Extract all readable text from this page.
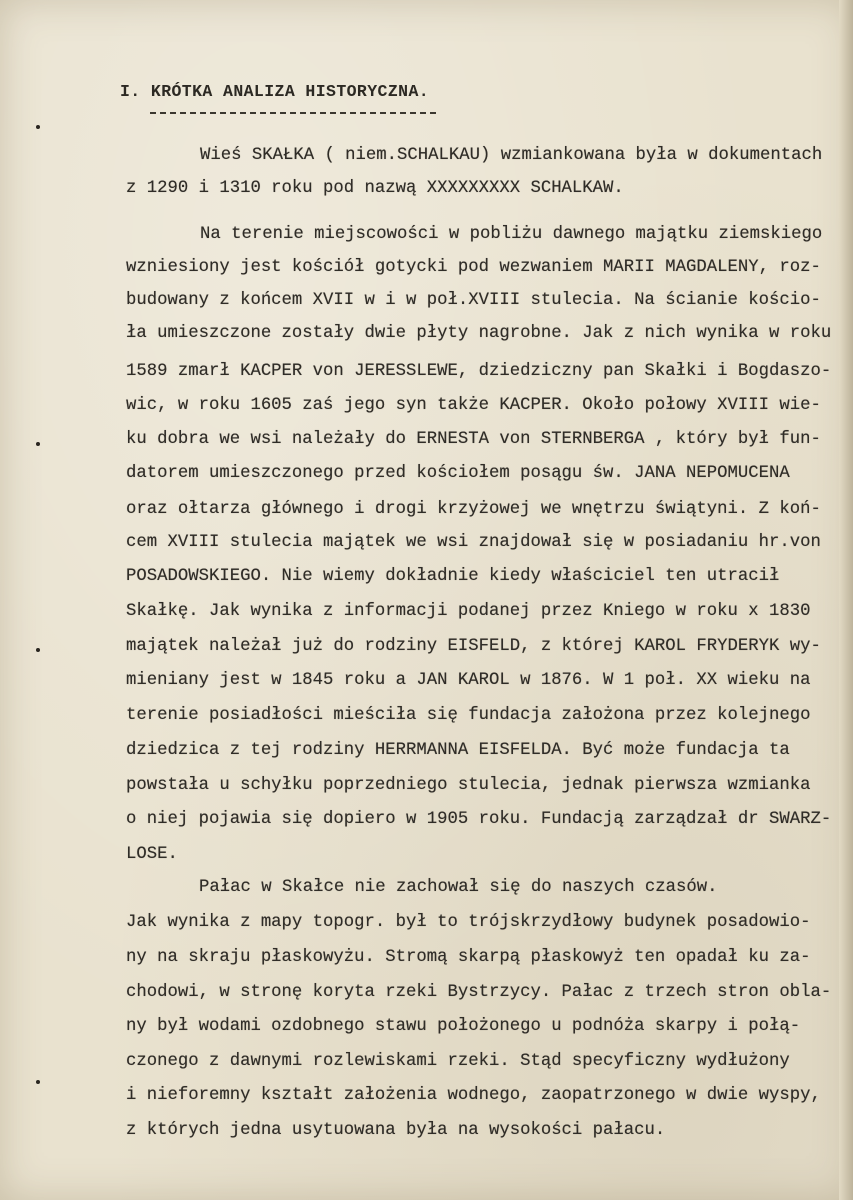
I. KRÓTKA ANALIZA HISTORYCZNA.
Wieś SKAŁKA ( niem.SCHALKAU) wzmiankowana była w dokumentach
z 1290 i 1310 roku pod nazwą XXXXXXXXX SCHALKAW.
Na terenie miejscowości w pobliżu dawnego majątku ziemskiego
wzniesiony jest kościół gotycki pod wezwaniem MARII MAGDALENY, roz-
budowany z końcem XVII w i w poł.XVIII stulecia. Na ścianie kościo-
ła umieszczone zostały dwie płyty nagrobne. Jak z nich wynika w roku
1589 zmarł KACPER von JERESSLEWE, dziedziczny pan Skałki i Bogdaszo-
wic, w roku 1605 zaś jego syn także KACPER. Około połowy XVIII wie-
ku dobra we wsi należały do ERNESTA von STERNBERGA , który był fun-
datorem umieszczonego przed kościołem posągu św. JANA NEPOMUCENA
oraz ołtarza głównego i drogi krzyżowej we wnętrzu świątyni. Z koń-
cem XVIII stulecia majątek we wsi znajdował się w posiadaniu hr.von
POSADOWSKIEGO. Nie wiemy dokładnie kiedy właściciel ten utracił
Skałkę. Jak wynika z informacji podanej przez Kniego w roku x 1830
majątek należał już do rodziny EISFELD, z której KAROL FRYDERYK wy-
mieniany jest w 1845 roku a JAN KAROL w 1876. W 1 poł. XX wieku na
terenie posiadłości mieściła się fundacja założona przez kolejnego
dziedzica z tej rodziny HERRMANNA EISFELDA. Być może fundacja ta
powstała u schyłku poprzedniego stulecia, jednak pierwsza wzmianka
o niej pojawia się dopiero w 1905 roku. Fundacją zarządzał dr SWARZ-
LOSE.
Pałac w Skałce nie zachował się do naszych czasów.
Jak wynika z mapy topogr. był to trójskrzydłowy budynek posadowio-
ny na skraju płaskowyżu. Stromą skarpą płaskowyż ten opadał ku za-
chodowi, w stronę koryta rzeki Bystrzycy. Pałac z trzech stron obla-
ny był wodami ozdobnego stawu położonego u podnóża skarpy i połą-
czonego z dawnymi rozlewiskami rzeki. Stąd specyficzny wydłużony
i nieforemny kształt założenia wodnego, zaopatrzonego w dwie wyspy,
z których jedna usytuowana była na wysokości pałacu.
